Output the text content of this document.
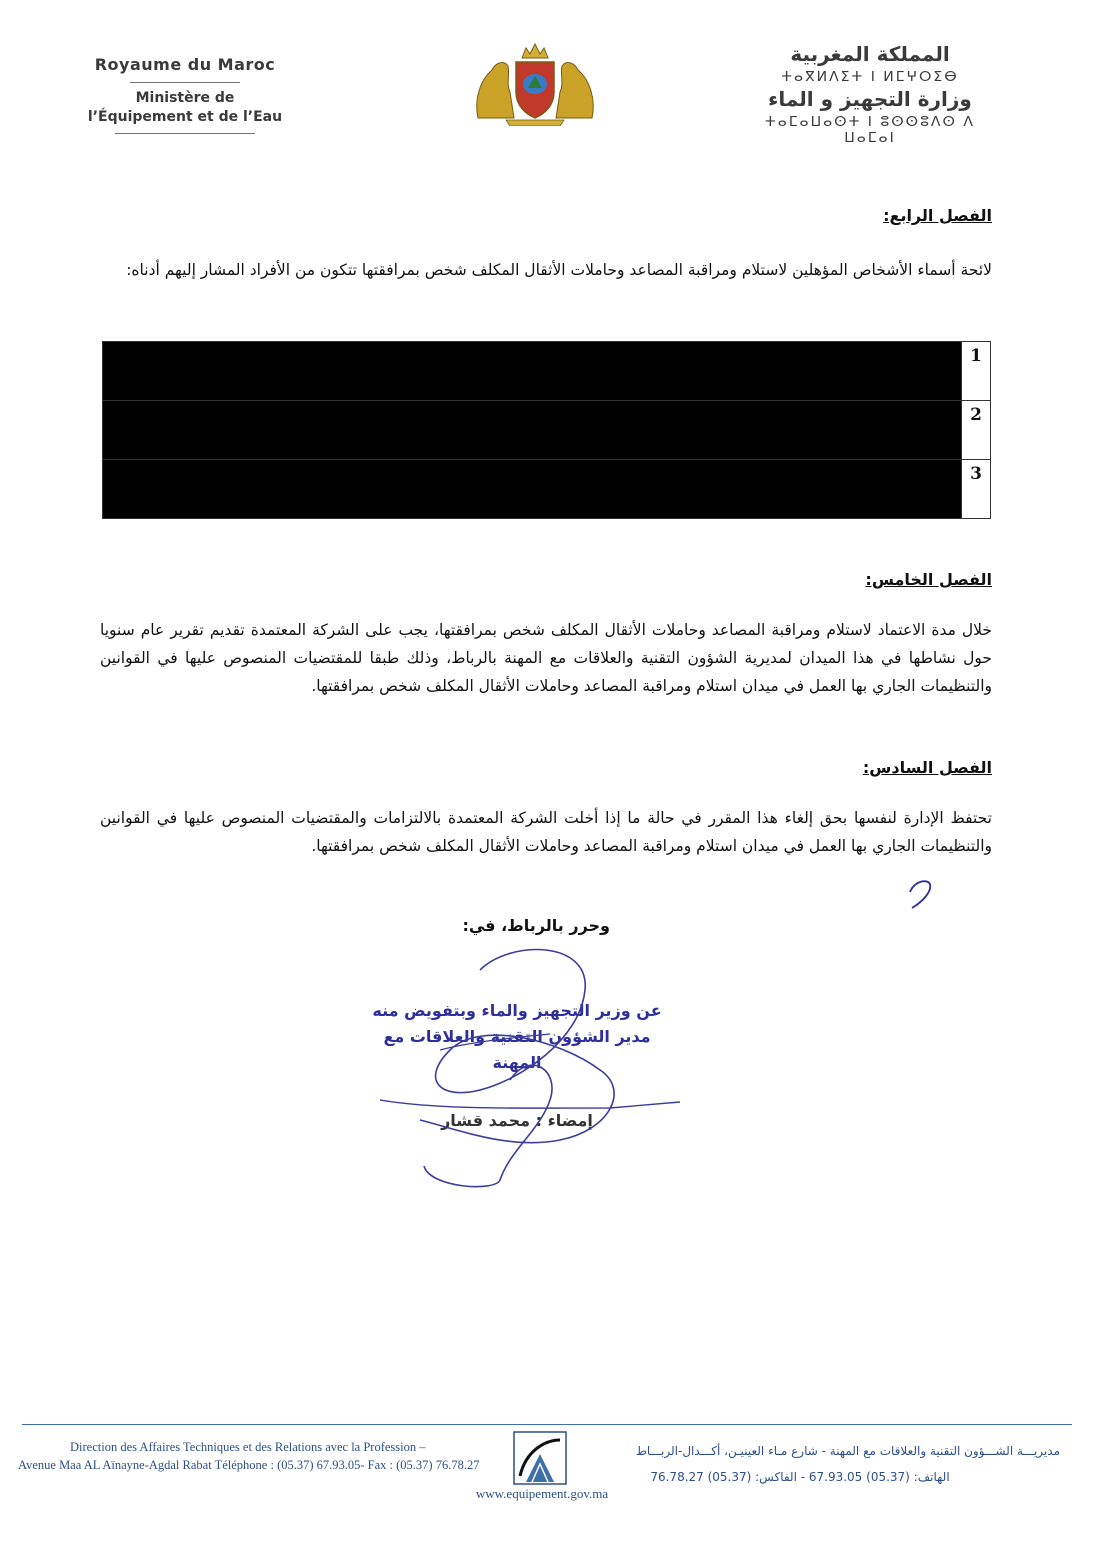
Royaume du Maroc
Ministère de
l’Équipement et de l’Eau
المملكة المغربية
ⵜⴰⴳⵍⴷⵉⵜ ⵏ ⵍⵎⵖⵔⵉⴱ
وزارة التجهيز و الماء
ⵜⴰⵎⴰⵡⴰⵙⵜ ⵏ ⵓⵙⵙⵓⴷⵙ ⴷ ⵡⴰⵎⴰⵏ
الفصل الرابع:
لائحة أسماء الأشخاص المؤهلين لاستلام ومراقبة المصاعد وحاملات الأثقال المكلف شخص بمرافقتها تتكون من الأفراد المشار إليهم أدناه:
	1
	2
	3
الفصل الخامس:
خلال مدة الاعتماد لاستلام ومراقبة المصاعد وحاملات الأثقال المكلف شخص بمرافقتها، يجب على الشركة المعتمدة تقديم تقرير عام سنويا حول نشاطها في هذا الميدان لمديرية الشؤون التقنية والعلاقات مع المهنة بالرباط، وذلك طبقا للمقتضيات المنصوص عليها في القوانين والتنظيمات الجاري بها العمل في ميدان استلام ومراقبة المصاعد وحاملات الأثقال المكلف شخص بمرافقتها.
الفصل السادس:
تحتفظ الإدارة لنفسها بحق إلغاء هذا المقرر في حالة ما إذا أخلت الشركة المعتمدة بالالتزامات والمقتضيات المنصوص عليها في القوانين والتنظيمات الجاري بها العمل في ميدان استلام ومراقبة المصاعد وحاملات الأثقال المكلف شخص بمرافقتها.
وحرر بالرباط، في:
عن وزير التجهيز والماء وبتفويض منه
مدير الشؤون التقنية والعلاقات مع المهنة
إمضاء : محمد قشار
Direction des Affaires Techniques et des Relations avec la Profession –
Avenue Maa AL Aïnayne-Agdal Rabat Téléphone : (05.37) 67.93.05- Fax : (05.37) 76.78.27
www.equipement.gov.ma
مديريـــة الشـــؤون التقنية والعلاقات مع المهنة - شارع مـاء العينيـن، أكـــدال-الربـــاط
الهاتف: (05.37) 67.93.05 - الفاكس: (05.37) 76.78.27
